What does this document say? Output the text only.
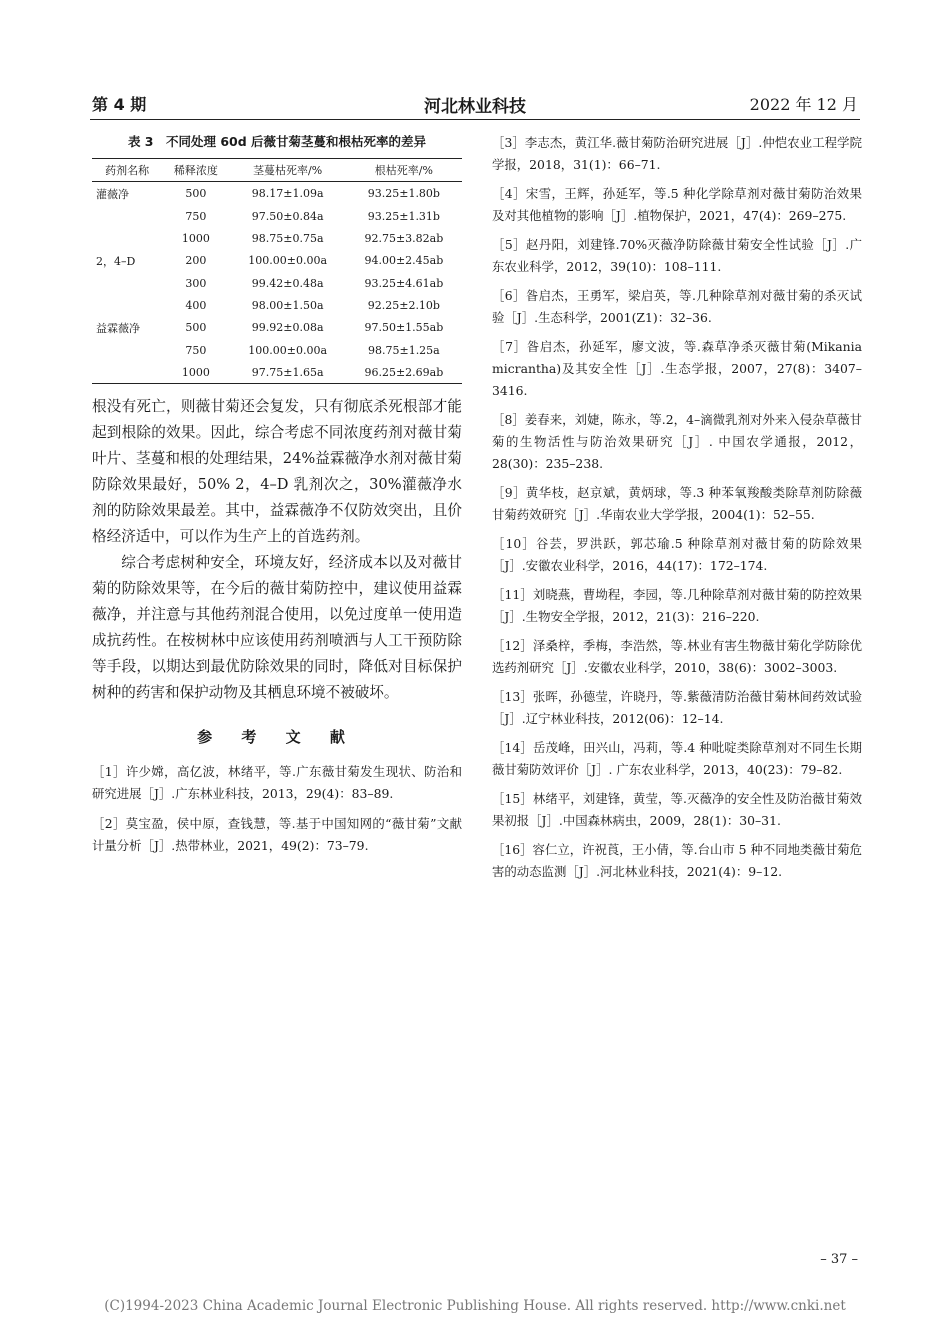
第 4 期	河北林业科技	2022 年 12 月
表 3　不同处理 60d 后薇甘菊茎蔓和根枯死率的差异
药剂名称	稀释浓度	茎蔓枯死率/%	根枯死率/%
灌薇净	500	98.17±1.09a	93.25±1.80b
	750	97.50±0.84a	93.25±1.31b
	1000	98.75±0.75a	92.75±3.82ab
2，4–D	200	100.00±0.00a	94.00±2.45ab
	300	99.42±0.48a	93.25±4.61ab
	400	98.00±1.50a	92.25±2.10b
益霖薇净	500	99.92±0.08a	97.50±1.55ab
	750	100.00±0.00a	98.75±1.25a
	1000	97.75±1.65a	96.25±2.69ab

根没有死亡，则薇甘菊还会复发，只有彻底杀死根部才能起到根除的效果。因此，综合考虑不同浓度药剂对薇甘菊叶片、茎蔓和根的处理结果，24%益霖薇净水剂对薇甘菊防除效果最好，50% 2，4–D 乳剂次之，30%灌薇净水剂的防除效果最差。其中，益霖薇净不仅防效突出，且价格经济适中，可以作为生产上的首选药剂。

综合考虑树种安全，环境友好，经济成本以及对薇甘菊的防除效果等，在今后的薇甘菊防控中，建议使用益霖薇净，并注意与其他药剂混合使用，以免过度单一使用造成抗药性。在桉树林中应该使用药剂喷洒与人工干预防除等手段，以期达到最优防除效果的同时，降低对目标保护树种的药害和保护动物及其栖息环境不被破坏。

参 考 文 献
［1］许少嫦，高亿波，林绪平，等.广东薇甘菊发生现状、防治和研究进展［J］.广东林业科技，2013，29(4)：83–89.
［2］莫宝盈，侯中原，查钱慧，等.基于中国知网的“薇甘菊”文献计量分析［J］.热带林业，2021，49(2)：73–79.
［3］李志杰，黄江华.薇甘菊防治研究进展［J］.仲恺农业工程学院学报，2018，31(1)：66–71.
［4］宋雪，王辉，孙延军，等.5 种化学除草剂对薇甘菊防治效果及对其他植物的影响［J］.植物保护，2021，47(4)：269–275.
［5］赵丹阳，刘建锋.70%灭薇净防除薇甘菊安全性试验［J］.广东农业科学，2012，39(10)：108–111.
［6］昝启杰，王勇军，梁启英，等.几种除草剂对薇甘菊的杀灭试验［J］.生态科学，2001(Z1)：32–36.
［7］昝启杰，孙延军，廖文波，等.森草净杀灭薇甘菊(Mikania micrantha)及其安全性［J］.生态学报，2007，27(8)：3407–3416.
［8］姜春来，刘婕，陈永，等.2，4–滴微乳剂对外来入侵杂草薇甘菊的生物活性与防治效果研究［J］. 中国农学通报，2012，28(30)：235–238.
［9］黄华枝，赵京斌，黄炳球，等.3 种苯氧羧酸类除草剂防除薇甘菊药效研究［J］.华南农业大学学报，2004(1)：52–55.
［10］谷芸，罗洪跃，郭芯瑜.5 种除草剂对薇甘菊的防除效果［J］.安徽农业科学，2016，44(17)：172–174.
［11］刘晓燕，曹坳程，李园，等.几种除草剂对薇甘菊的防控效果［J］.生物安全学报，2012，21(3)：216–220.
［12］泽桑梓，季梅，李浩然，等.林业有害生物薇甘菊化学防除优选药剂研究［J］.安徽农业科学，2010，38(6)：3002–3003.
［13］张晖，孙德莹，许晓丹，等.紫薇清防治薇甘菊林间药效试验［J］.辽宁林业科技，2012(06)：12–14.
［14］岳茂峰，田兴山，冯莉，等.4 种吡啶类除草剂对不同生长期薇甘菊防效评价［J］. 广东农业科学，2013，40(23)：79–82.
［15］林绪平，刘建锋，黄莹，等.灭薇净的安全性及防治薇甘菊效果初报［J］.中国森林病虫，2009，28(1)：30–31.
［16］容仁立，许祝莨，王小倩，等.台山市 5 种不同地类薇甘菊危害的动态监测［J］.河北林业科技，2021(4)：9–12.
– 37 –
(C)1994-2023 China Academic Journal Electronic Publishing House. All rights reserved. http://www.cnki.net
